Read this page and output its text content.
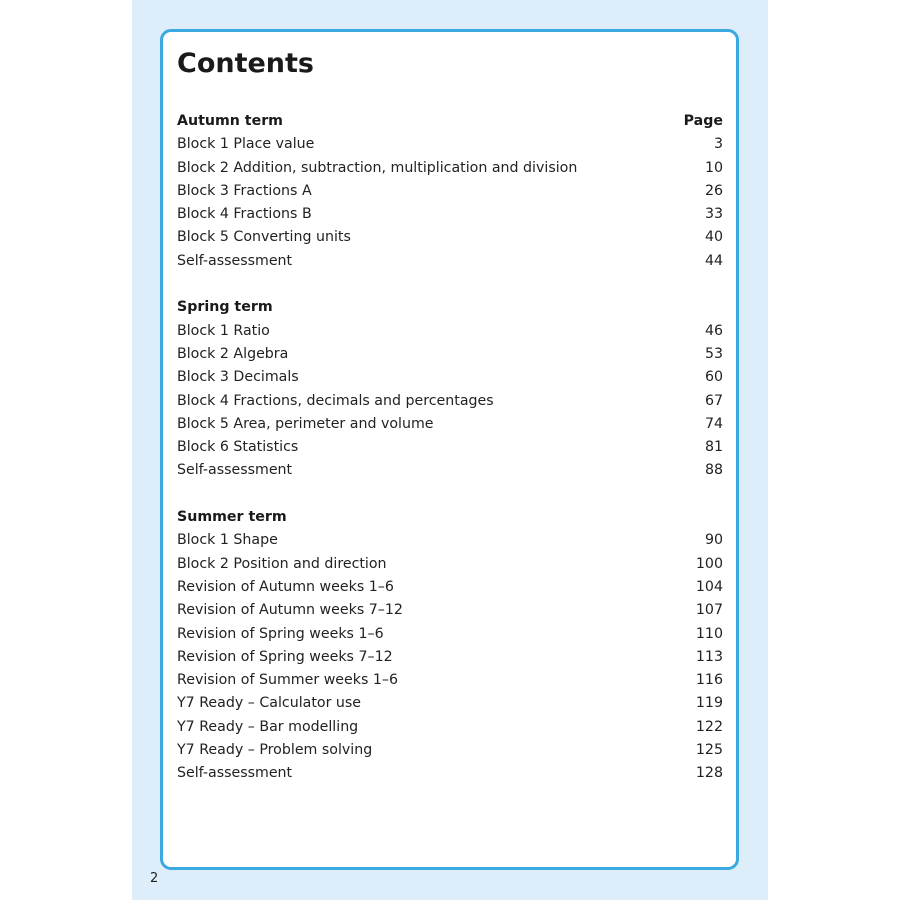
Contents
Autumn term	Page
Block 1 Place value	3
Block 2 Addition, subtraction, multiplication and division	10
Block 3 Fractions A	26
Block 4 Fractions B	33
Block 5 Converting units	40
Self-assessment	44
Spring term
Block 1 Ratio	46
Block 2 Algebra	53
Block 3 Decimals	60
Block 4 Fractions, decimals and percentages	67
Block 5 Area, perimeter and volume	74
Block 6 Statistics	81
Self-assessment	88
Summer term
Block 1 Shape	90
Block 2 Position and direction	100
Revision of Autumn weeks 1–6	104
Revision of Autumn weeks 7–12	107
Revision of Spring weeks 1–6	110
Revision of Spring weeks 7–12	113
Revision of Summer weeks 1–6	116
Y7 Ready – Calculator use	119
Y7 Ready – Bar modelling	122
Y7 Ready – Problem solving	125
Self-assessment	128
2
